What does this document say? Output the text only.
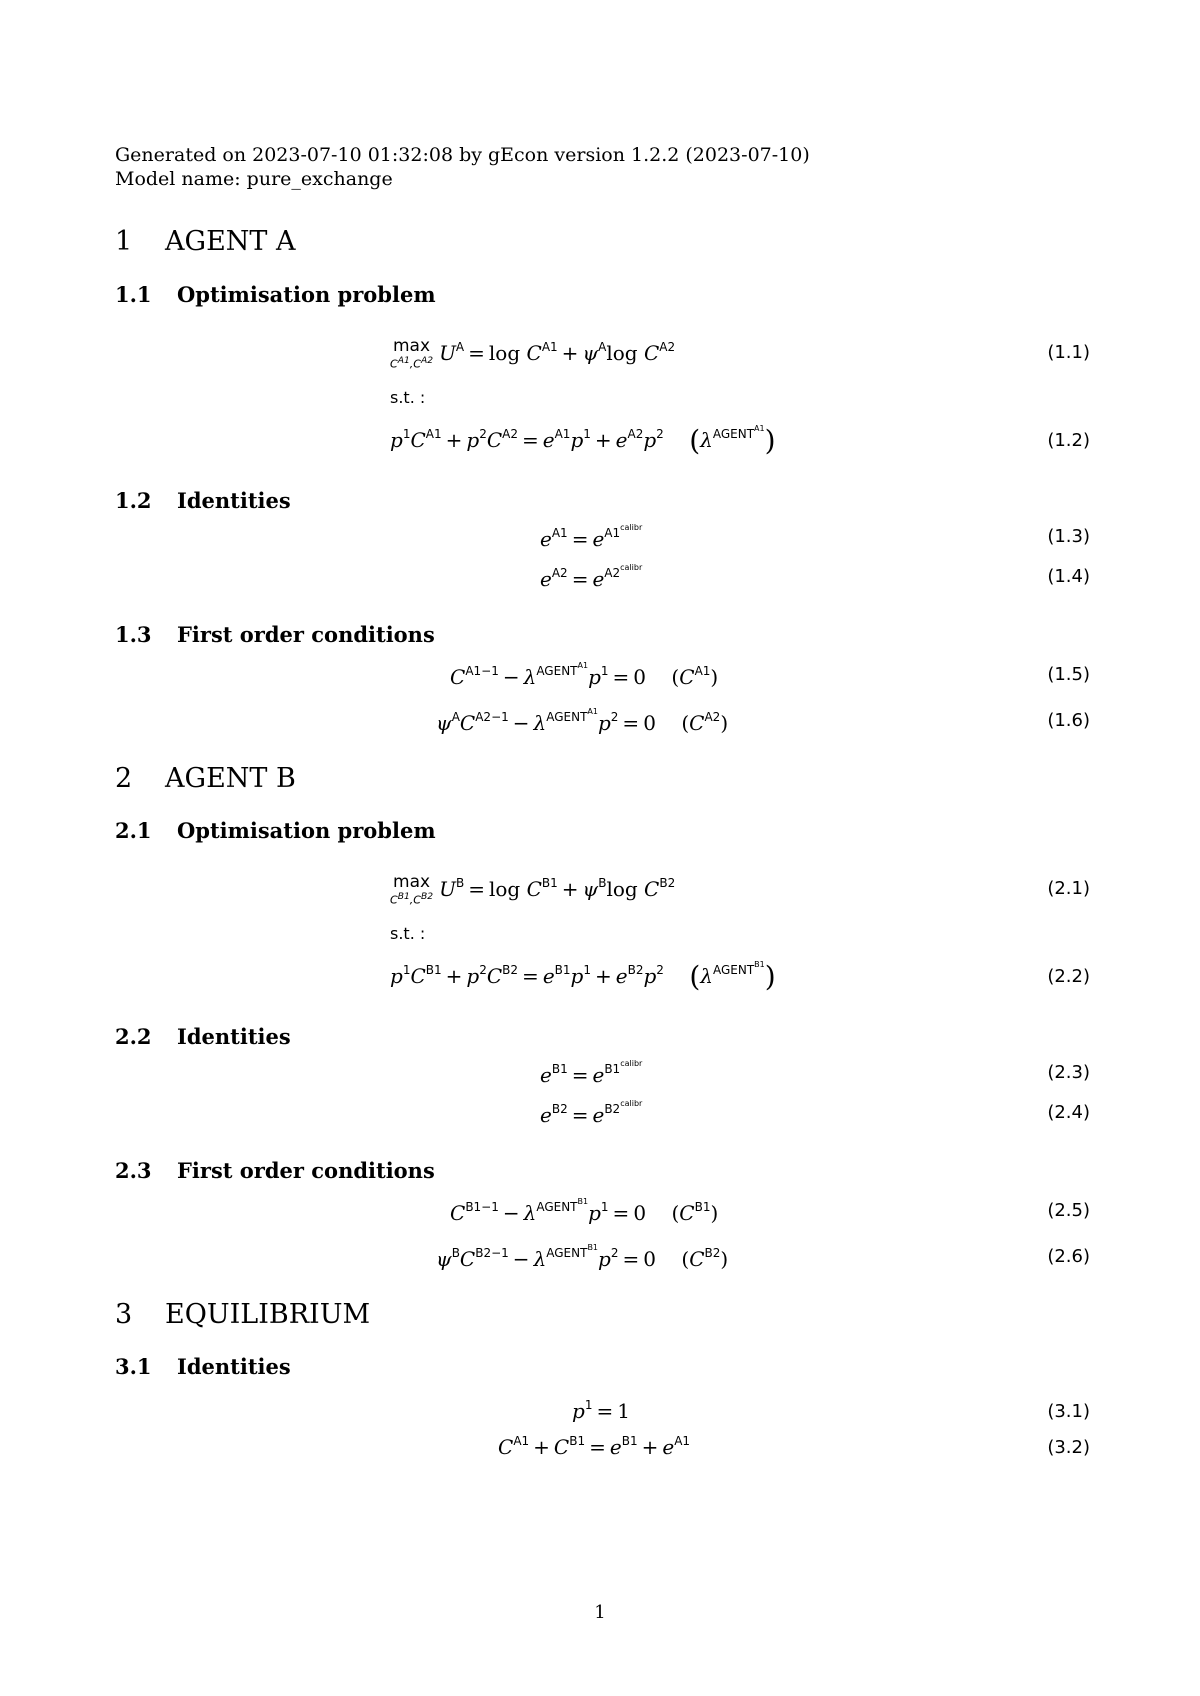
Generated on 2023-07-10 01:32:08 by gEcon version 1.2.2 (2023-07-10)
Model name: pure_exchange
1 AGENT A
1.1 Optimisation problem
max
$C^{A1},C^{A2}$ $U^A = \log C^{A1} + \psi^A\log$ $C^{A2}$	(1.1)
s.t. :
$p^1C^{A1} + p^2C^{A2} = e^{A1}p^1 + e^{A2}p^2$ $(\lambda^{AGENT^{A1}})$	(1.2)
1.2 Identities
$e^{A1} = e^{A1^{calibr}}$	(1.3)
$e^{A2} = e^{A2^{calibr}}$	(1.4)
1.3 First order conditions
$C^{A1-1} - \lambda^{AGENT^{A1}}p^1 = 0$    $(C^{A1})$	(1.5)
$\psi^AC^{A2-1} - \lambda^{AGENT^{A1}}p^2 = 0$    $(C^{A2})$	(1.6)
2 AGENT B
2.1 Optimisation problem
max
$C^{B1},C^{B2}$ $U^B = \log C^{B1} + \psi^B\log$ $C^{B2}$	(2.1)
s.t. :
$p^1C^{B1} + p^2C^{B2} = e^{B1}p^1 + e^{B2}p^2$ $(\lambda^{AGENT^{B1}})$	(2.2)
2.2 Identities
$e^{B1} = e^{B1^{calibr}}$	(2.3)
$e^{B2} = e^{B2^{calibr}}$	(2.4)
2.3 First order conditions
$C^{B1-1} - \lambda^{AGENT^{B1}}p^1 = 0$    $(C^{B1})$	(2.5)
$\psi^BC^{B2-1} - \lambda^{AGENT^{B1}}p^2 = 0$    $(C^{B2})$	(2.6)
3 EQUILIBRIUM
3.1 Identities
$p^1 = 1$	(3.1)
$C^{A1} + C^{B1} = e^{B1} + e^{A1}$	(3.2)
1
